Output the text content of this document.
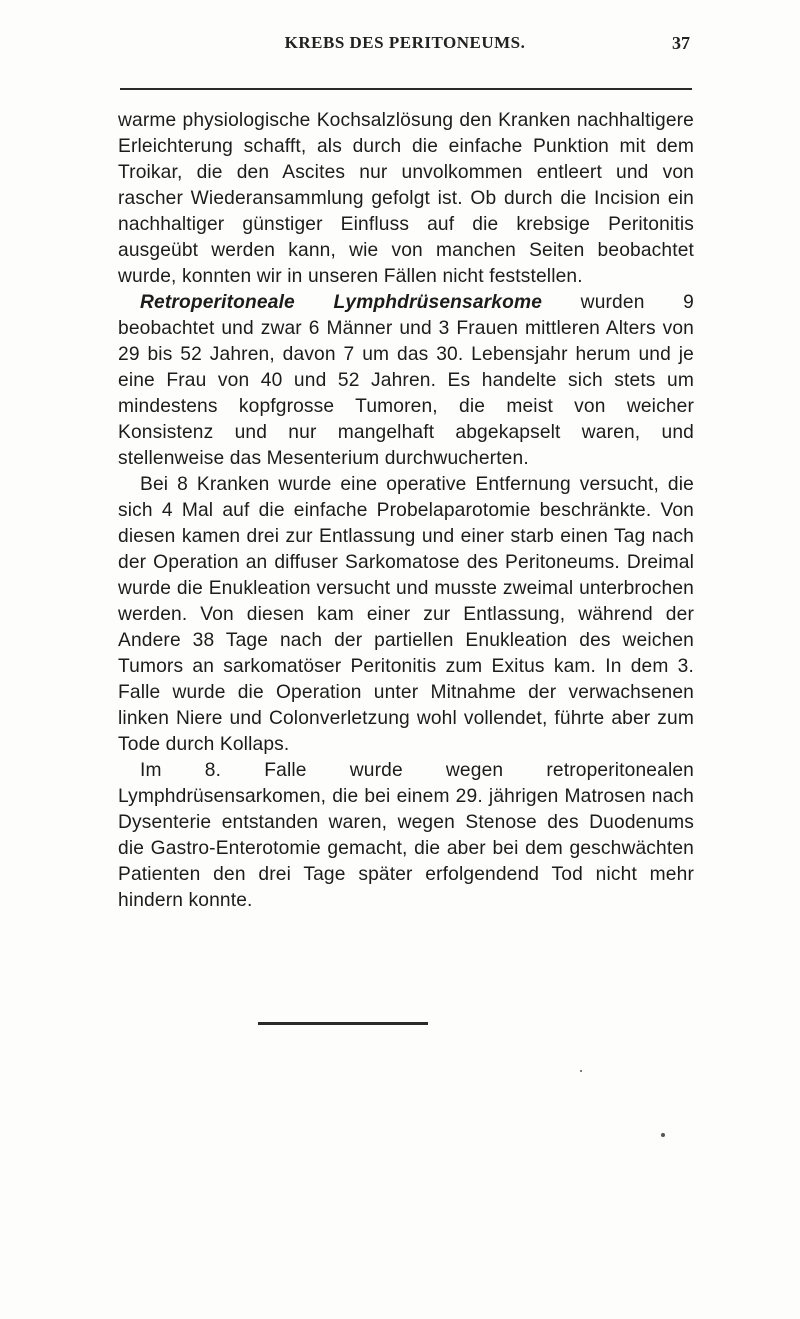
KREBS DES PERITONEUMS.	37

warme physiologische Kochsalzlösung den Kranken nachhaltigere Erleichterung schafft, als durch die einfache Punktion mit dem Troikar, die den Ascites nur unvolkommen entleert und von rascher Wiederansammlung gefolgt ist. Ob durch die Incision ein nachhaltiger günstiger Einfluss auf die krebsige Peritonitis ausgeübt werden kann, wie von manchen Seiten beobachtet wurde, konnten wir in unseren Fällen nicht feststellen.

Retroperitoneale Lymphdrüsensarkome wurden 9 beobachtet und zwar 6 Männer und 3 Frauen mittleren Alters von 29 bis 52 Jahren, davon 7 um das 30. Lebensjahr herum und je eine Frau von 40 und 52 Jahren. Es handelte sich stets um mindestens kopfgrosse Tumoren, die meist von weicher Konsistenz und nur mangelhaft abgekapselt waren, und stellenweise das Mesenterium durchwucherten.

Bei 8 Kranken wurde eine operative Entfernung versucht, die sich 4 Mal auf die einfache Probelaparotomie beschränkte. Von diesen kamen drei zur Entlassung und einer starb einen Tag nach der Operation an diffuser Sarkomatose des Peritoneums. Dreimal wurde die Enukleation versucht und musste zweimal unterbrochen werden. Von diesen kam einer zur Entlassung, während der Andere 38 Tage nach der partiellen Enukleation des weichen Tumors an sarkomatöser Peritonitis zum Exitus kam. In dem 3. Falle wurde die Operation unter Mitnahme der verwachsenen linken Niere und Colonverletzung wohl vollendet, führte aber zum Tode durch Kollaps.

Im 8. Falle wurde wegen retroperitonealen Lymphdrüsensarkomen, die bei einem 29. jährigen Matrosen nach Dysenterie entstanden waren, wegen Stenose des Duodenums die Gastro-Enterotomie gemacht, die aber bei dem geschwächten Patienten den drei Tage später erfolgendend Tod nicht mehr hindern konnte.
